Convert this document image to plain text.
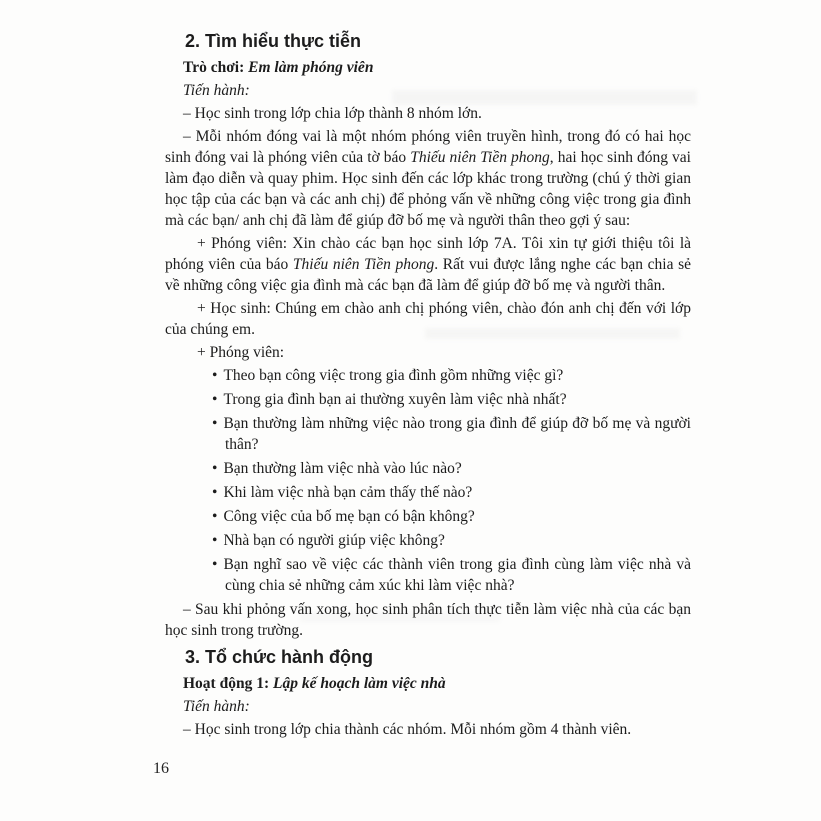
2. Tìm hiểu thực tiễn
Trò chơi: Em làm phóng viên
Tiến hành:
– Học sinh trong lớp chia lớp thành 8 nhóm lớn.
– Mỗi nhóm đóng vai là một nhóm phóng viên truyền hình, trong đó có hai học sinh đóng vai là phóng viên của tờ báo Thiếu niên Tiền phong, hai học sinh đóng vai làm đạo diễn và quay phim. Học sinh đến các lớp khác trong trường (chú ý thời gian học tập của các bạn và các anh chị) để phỏng vấn về những công việc trong gia đình mà các bạn/ anh chị đã làm để giúp đỡ bố mẹ và người thân theo gợi ý sau:
+ Phóng viên: Xin chào các bạn học sinh lớp 7A. Tôi xin tự giới thiệu tôi là phóng viên của báo Thiếu niên Tiền phong. Rất vui được lắng nghe các bạn chia sẻ về những công việc gia đình mà các bạn đã làm để giúp đỡ bố mẹ và người thân.
+ Học sinh: Chúng em chào anh chị phóng viên, chào đón anh chị đến với lớp của chúng em.
+ Phóng viên:
• Theo bạn công việc trong gia đình gồm những việc gì?
• Trong gia đình bạn ai thường xuyên làm việc nhà nhất?
• Bạn thường làm những việc nào trong gia đình để giúp đỡ bố mẹ và người thân?
• Bạn thường làm việc nhà vào lúc nào?
• Khi làm việc nhà bạn cảm thấy thế nào?
• Công việc của bố mẹ bạn có bận không?
• Nhà bạn có người giúp việc không?
• Bạn nghĩ sao về việc các thành viên trong gia đình cùng làm việc nhà và cùng chia sẻ những cảm xúc khi làm việc nhà?
– Sau khi phỏng vấn xong, học sinh phân tích thực tiễn làm việc nhà của các bạn học sinh trong trường.
3. Tổ chức hành động
Hoạt động 1: Lập kế hoạch làm việc nhà
Tiến hành:
– Học sinh trong lớp chia thành các nhóm. Mỗi nhóm gồm 4 thành viên.
16
